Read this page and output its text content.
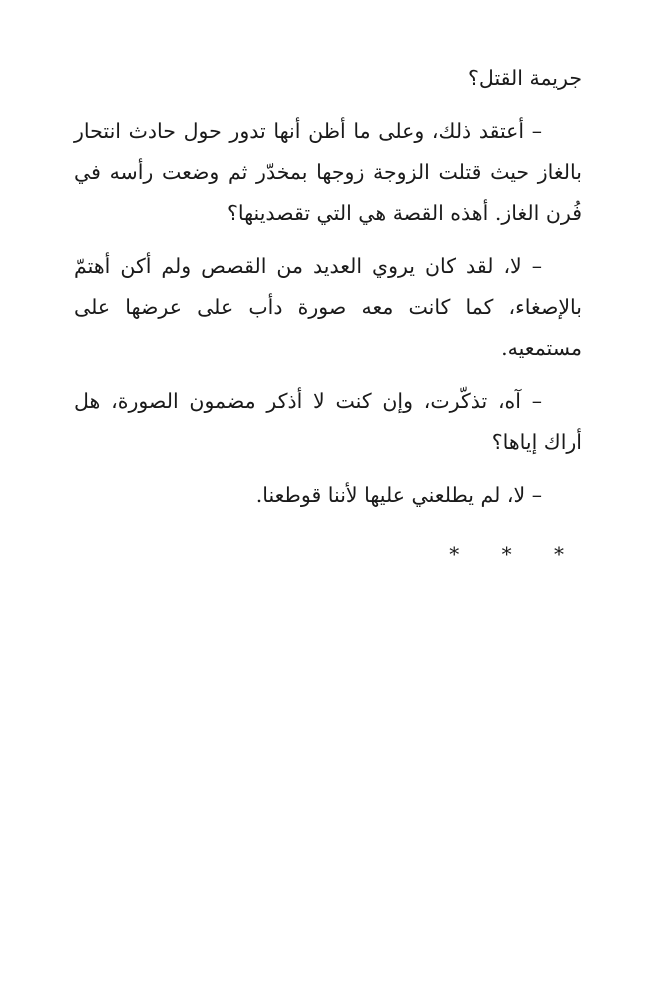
جريمة القتل؟

– أعتقد ذلك، وعلى ما أظن أنها تدور حول حادث انتحار بالغاز حيث قتلت الزوجة زوجها بمخدّر ثم وضعت رأسه في فُرن الغاز. أهذه القصة هي التي تقصدينها؟

– لا، لقد كان يروي العديد من القصص ولم أكن أهتمّ بالإصغاء، كما كانت معه صورة دأب على عرضها على مستمعيه.

– آه، تذكّرت، وإن كنت لا أذكر مضمون الصورة، هل أراك إياها؟

– لا، لم يطلعني عليها لأننا قوطعنا.

* * *
